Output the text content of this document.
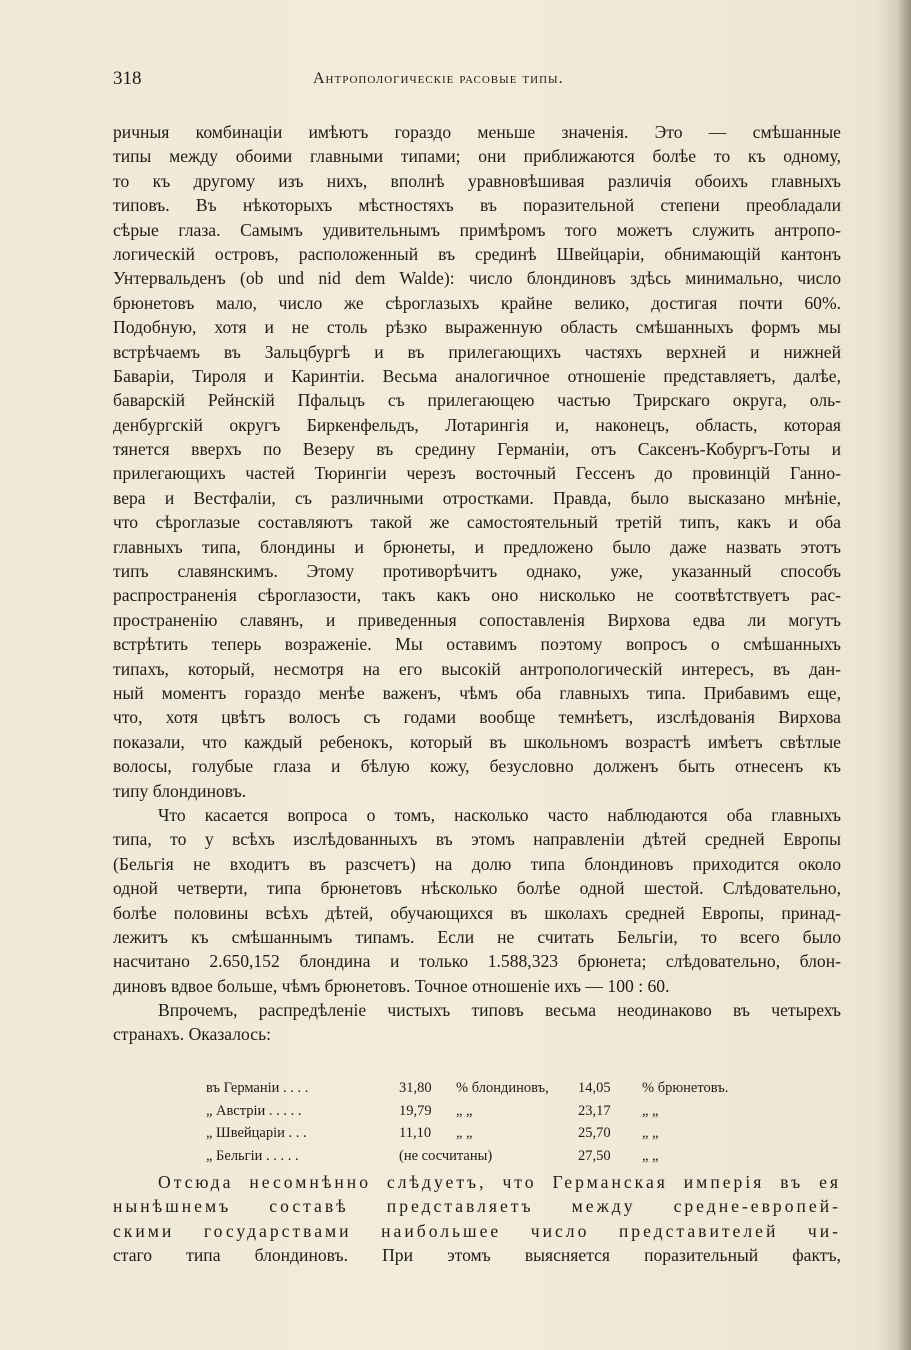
318	Антропологическіе расовые типы.
ричныя комбинаціи имѣютъ гораздо меньше значенія. Это — смѣшанные
типы между обоими главными типами; они приближаются болѣе то къ одному,
то къ другому изъ нихъ, вполнѣ уравновѣшивая различія обоихъ главныхъ
типовъ. Въ нѣкоторыхъ мѣстностяхъ въ поразительной степени преобладали
сѣрые глаза. Самымъ удивительнымъ примѣромъ того можетъ служить антропо-
логическій островъ, расположенный въ срединѣ Швейцаріи, обнимающій кантонъ
Унтервальденъ (ob und nid dem Walde): число блондиновъ здѣсь минимально, число
брюнетовъ мало, число же сѣроглазыхъ крайне велико, достигая почти 60%.
Подобную, хотя и не столь рѣзко выраженную область смѣшанныхъ формъ мы
встрѣчаемъ въ Зальцбургѣ и въ прилегающихъ частяхъ верхней и нижней
Баваріи, Тироля и Каринтіи. Весьма аналогичное отношеніе представляетъ, далѣе,
баварскій Рейнскій Пфальцъ съ прилегающею частью Трирскаго округа, оль-
денбургскій округъ Биркенфельдъ, Лотарингія и, наконецъ, область, которая
тянется вверхъ по Везеру въ средину Германіи, отъ Саксенъ-Кобургъ-Готы и
прилегающихъ частей Тюрингіи черезъ восточный Гессенъ до провинцій Ганно-
вера и Вестфаліи, съ различными отростками. Правда, было высказано мнѣніе,
что сѣроглазые составляютъ такой же самостоятельный третій типъ, какъ и оба
главныхъ типа, блондины и брюнеты, и предложено было даже назвать этотъ
типъ славянскимъ. Этому противорѣчитъ однако, уже, указанный способъ
распространенія сѣроглазости, такъ какъ оно нисколько не соотвѣтствуетъ рас-
пространенію славянъ, и приведенныя сопоставленія Вирхова едва ли могутъ
встрѣтить теперь возраженіе. Мы оставимъ поэтому вопросъ о смѣшанныхъ
типахъ, который, несмотря на его высокій антропологическій интересъ, въ дан-
ный моментъ гораздо менѣе важенъ, чѣмъ оба главныхъ типа. Прибавимъ еще,
что, хотя цвѣтъ волосъ съ годами вообще темнѣетъ, изслѣдованія Вирхова
показали, что каждый ребенокъ, который въ школьномъ возрастѣ имѣетъ свѣтлые
волосы, голубые глаза и бѣлую кожу, безусловно долженъ быть отнесенъ къ
типу блондиновъ.
Что касается вопроса о томъ, насколько часто наблюдаются оба главныхъ
типа, то у всѣхъ изслѣдованныхъ въ этомъ направленіи дѣтей средней Европы
(Бельгія не входитъ въ разсчетъ) на долю типа блондиновъ приходится около
одной четверти, типа брюнетовъ нѣсколько болѣе одной шестой. Слѣдовательно,
болѣе половины всѣхъ дѣтей, обучающихся въ школахъ средней Европы, принад-
лежитъ къ смѣшаннымъ типамъ. Если не считать Бельгіи, то всего было
насчитано 2.650,152 блондина и только 1.588,323 брюнета; слѣдовательно, блон-
диновъ вдвое больше, чѣмъ брюнетовъ. Точное отношеніе ихъ — 100 : 60.
Впрочемъ, распредѣленіе чистыхъ типовъ весьма неодинаково въ четырехъ
странахъ. Оказалось:
въ Германіи . . . .	31,80 % блондиновъ, 14,05 % брюнетовъ.
„ Австріи . . . . .	19,79 „ „	23,17 „ „
„ Швейцаріи . . .	11,10 „ „	25,70 „ „
„ Бельгіи . . . . .	(не сосчитаны)	27,50 „ „
Отсюда несомнѣнно слѣдуетъ, что Германская имперія въ ея
нынѣшнемъ составѣ представляетъ между средне-европей-
скими государствами наибольшее число представителей чи-
стаго типа блондиновъ. При этомъ выясняется поразительный фактъ,
